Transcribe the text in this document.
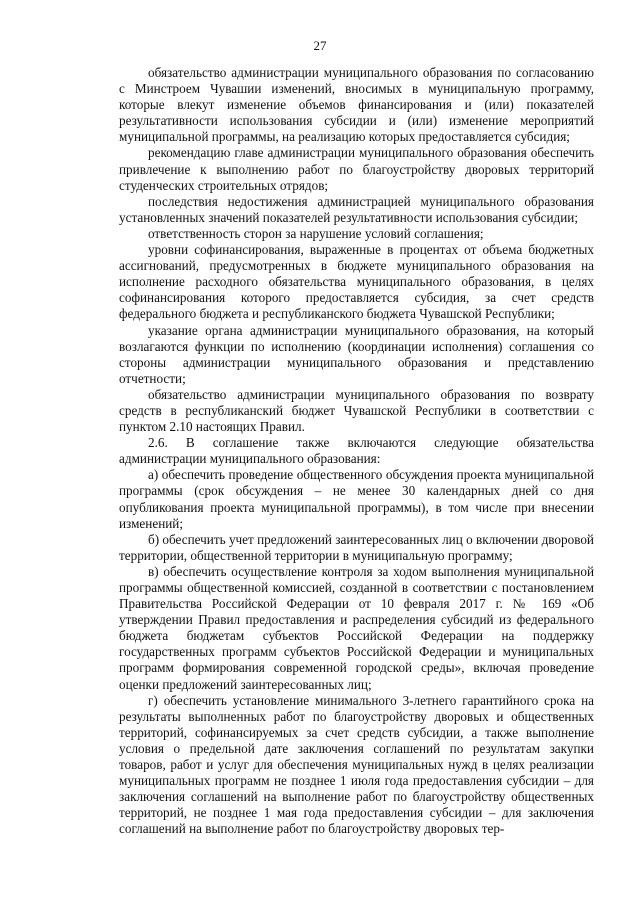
27

обязательство администрации муниципального образования по согласованию с Минстроем Чувашии изменений, вносимых в муниципальную программу, которые влекут изменение объемов финансирования и (или) показателей результативности использования субсидии и (или) изменение мероприятий муниципальной программы, на реализацию которых предоставляется субсидия;

рекомендацию главе администрации муниципального образования обеспечить привлечение к выполнению работ по благоустройству дворовых территорий студенческих строительных отрядов;

последствия недостижения администрацией муниципального образования установленных значений показателей результативности использования субсидии;

ответственность сторон за нарушение условий соглашения;

уровни софинансирования, выраженные в процентах от объема бюджетных ассигнований, предусмотренных в бюджете муниципального образования на исполнение расходного обязательства муниципального образования, в целях софинансирования которого предоставляется субсидия, за счет средств федерального бюджета и республиканского бюджета Чувашской Республики;

указание органа администрации муниципального образования, на который возлагаются функции по исполнению (координации исполнения) соглашения со стороны администрации муниципального образования и представлению отчетности;

обязательство администрации муниципального образования по возврату средств в республиканский бюджет Чувашской Республики в соответствии с пунктом 2.10 настоящих Правил.

2.6. В соглашение также включаются следующие обязательства администрации муниципального образования:

а) обеспечить проведение общественного обсуждения проекта муниципальной программы (срок обсуждения – не менее 30 календарных дней со дня опубликования проекта муниципальной программы), в том числе при внесении изменений;

б) обеспечить учет предложений заинтересованных лиц о включении дворовой территории, общественной территории в муниципальную программу;

в) обеспечить осуществление контроля за ходом выполнения муниципальной программы общественной комиссией, созданной в соответствии с постановлением Правительства Российской Федерации от 10 февраля 2017 г. № 169 «Об утверждении Правил предоставления и распределения субсидий из федерального бюджета бюджетам субъектов Российской Федерации на поддержку государственных программ субъектов Российской Федерации и муниципальных программ формирования современной городской среды», включая проведение оценки предложений заинтересованных лиц;

г) обеспечить установление минимального 3-летнего гарантийного срока на результаты выполненных работ по благоустройству дворовых и общественных территорий, софинансируемых за счет средств субсидии, а также выполнение условия о предельной дате заключения соглашений по результатам закупки товаров, работ и услуг для обеспечения муниципальных нужд в целях реализации муниципальных программ не позднее 1 июля года предоставления субсидии – для заключения соглашений на выполнение работ по благоустройству общественных территорий, не позднее 1 мая года предоставления субсидии – для заключения соглашений на выполнение работ по благоустройству дворовых тер-
